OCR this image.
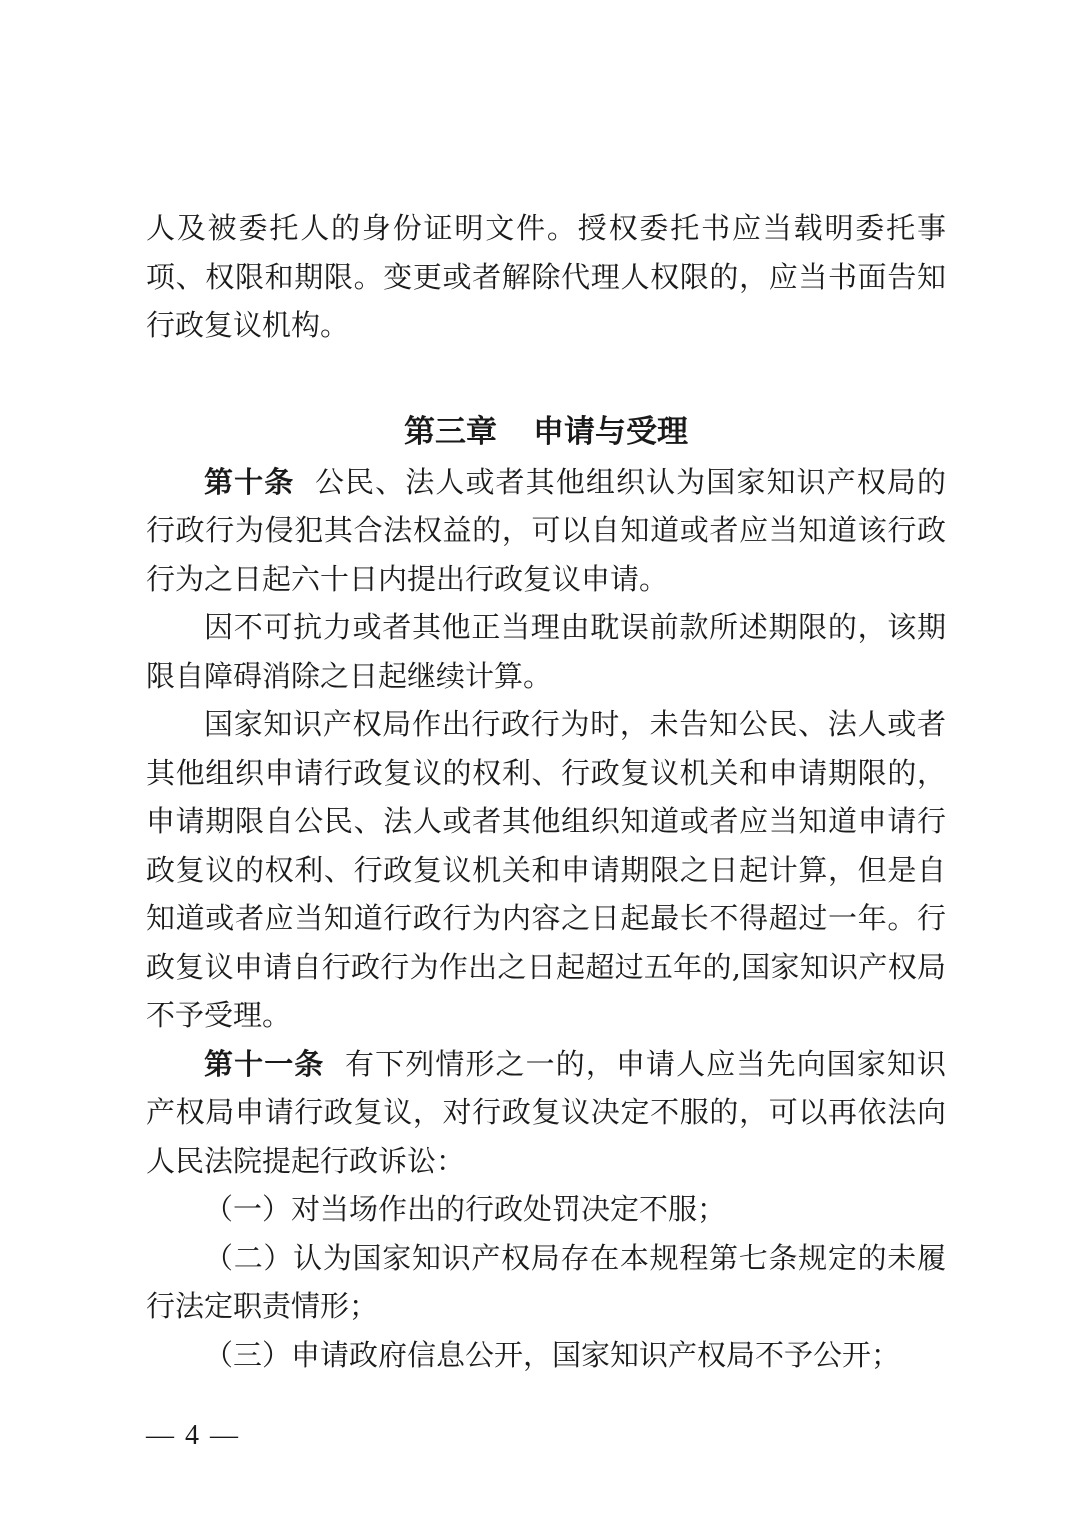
人及被委托人的身份证明文件。授权委托书应当载明委托事项、权限和期限。变更或者解除代理人权限的，应当书面告知行政复议机构。

第三章 申请与受理

第十条 公民、法人或者其他组织认为国家知识产权局的行政行为侵犯其合法权益的，可以自知道或者应当知道该行政行为之日起六十日内提出行政复议申请。

因不可抗力或者其他正当理由耽误前款所述期限的，该期限自障碍消除之日起继续计算。

国家知识产权局作出行政行为时，未告知公民、法人或者其他组织申请行政复议的权利、行政复议机关和申请期限的，申请期限自公民、法人或者其他组织知道或者应当知道申请行政复议的权利、行政复议机关和申请期限之日起计算，但是自知道或者应当知道行政行为内容之日起最长不得超过一年。行政复议申请自行政行为作出之日起超过五年的,国家知识产权局不予受理。

第十一条 有下列情形之一的，申请人应当先向国家知识产权局申请行政复议，对行政复议决定不服的，可以再依法向人民法院提起行政诉讼：

（一）对当场作出的行政处罚决定不服；

（二）认为国家知识产权局存在本规程第七条规定的未履行法定职责情形；

（三）申请政府信息公开，国家知识产权局不予公开；

— 4 —
